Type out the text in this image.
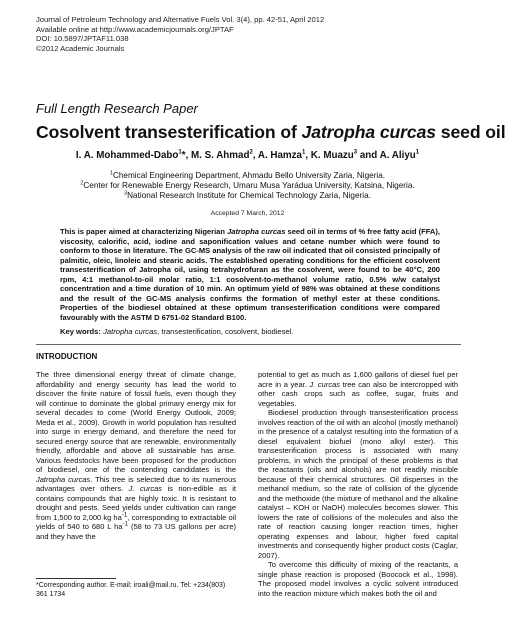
Journal of Petroleum Technology and Alternative Fuels Vol. 3(4), pp. 42-51, April 2012
Available online at http://www.academicjournals.org/JPTAF
DOI: 10.5897/JPTAF11.038
©2012 Academic Journals
Full Length Research Paper
Cosolvent transesterification of Jatropha curcas seed oil
I. A. Mohammed-Dabo$^1$*, M. S. Ahmad$^2$, A. Hamza$^1$, K. Muazu$^3$ and A. Aliyu$^1$
$^1$Chemical Engineering Department, Ahmadu Bello University Zaria, Nigeria.
$^2$Center for Renewable Energy Research, Umaru Musa Yarádua University, Katsina, Nigeria.
$^3$National Research Institute for Chemical Technology Zaria, Nigeria.
Accepted 7 March, 2012
This is paper aimed at characterizing Nigerian Jatropha curcas seed oil in terms of % free fatty acid (FFA), viscosity, calorific, acid, iodine and saponification values and cetane number which were found to conform to those in literature. The GC-MS analysis of the raw oil indicated that oil consisted principally of palmitic, oleic, linoleic and stearic acids. The established operating conditions for the efficient cosolvent transesterification of Jatropha oil, using tetrahydrofuran as the cosolvent, were found to be 40°C, 200 rpm, 4:1 methanol-to-oil molar ratio, 1:1 cosolvent-to-methanol volume ratio, 0.5% w/w catalyst concentration and a time duration of 10 min. An optimum yield of 98% was obtained at these conditions and the result of the GC-MS analysis confirms the formation of methyl ester at these conditions. Properties of the biodiesel obtained at these optimum transesterification conditions were compared favourably with the ASTM D 6751-02 Standard B100.
Key words: Jatropha curcas, transesterification, cosolvent, biodiesel.
INTRODUCTION

The three dimensional energy threat of climate change, affordability and energy security has lead the world to discover the finite nature of fossil fuels, even though they will continue to dominate the global primary energy mix for several decades to come (World Energy Outlook, 2009; Meda et al., 2009). Growth in world population has resulted into surge in energy demand, and therefore the need for secured energy source that are renewable, environmentally friendly, affordable and above all sustainable has arise. Various feedstocks have been proposed for the production of biodiesel, one of the contending candidates is the Jatropha curcas. This tree is selected due to its numerous advantages over others. J. curcas is non-edible as it contains compounds that are highly toxic. It is resistant to drought and pests. Seed yields under cultivation can range from 1,500 to 2,000 kg $ha^{-1}$, corresponding to extractable oil yields of 540 to 680 L $ha^{-1}$ (58 to 73 US gallons per acre) and they have the

potential to get as much as 1,600 gallons of diesel fuel per acre in a year. J. curcas tree can also be intercropped with other cash crops such as coffee, sugar, fruits and vegetables.

Biodiesel production through transesterification process involves reaction of the oil with an alcohol (mostly methanol) in the presence of a catalyst resulting into the formation of a diesel equivalent biofuel (mono alkyl ester). This transesterification process is associated with many problems, in which the principal of these problems is that the reactants (oils and alcohols) are not readily miscible because of their chemical structures. Oil disperses in the methanol medium, so the rate of collision of the glyceride and the methoxide (the mixture of methanol and the alkaline catalyst – KOH or NaOH) molecules becomes slower. This lowers the rate of collisions of the molecules and also the rate of reaction causing longer reaction times, higher operating expenses and labour, higher fixed capital investments and consequently higher product costs (Caglar, 2007).

To overcome this difficulty of mixing of the reactants, a single phase reaction is proposed (Boocock et al., 1998). The proposed model involves a cyclic solvent introduced into the reaction mixture which makes both the oil and

*Corresponding author. E-mail: iroali@mail.ru. Tel: +234(803) 361 1734
